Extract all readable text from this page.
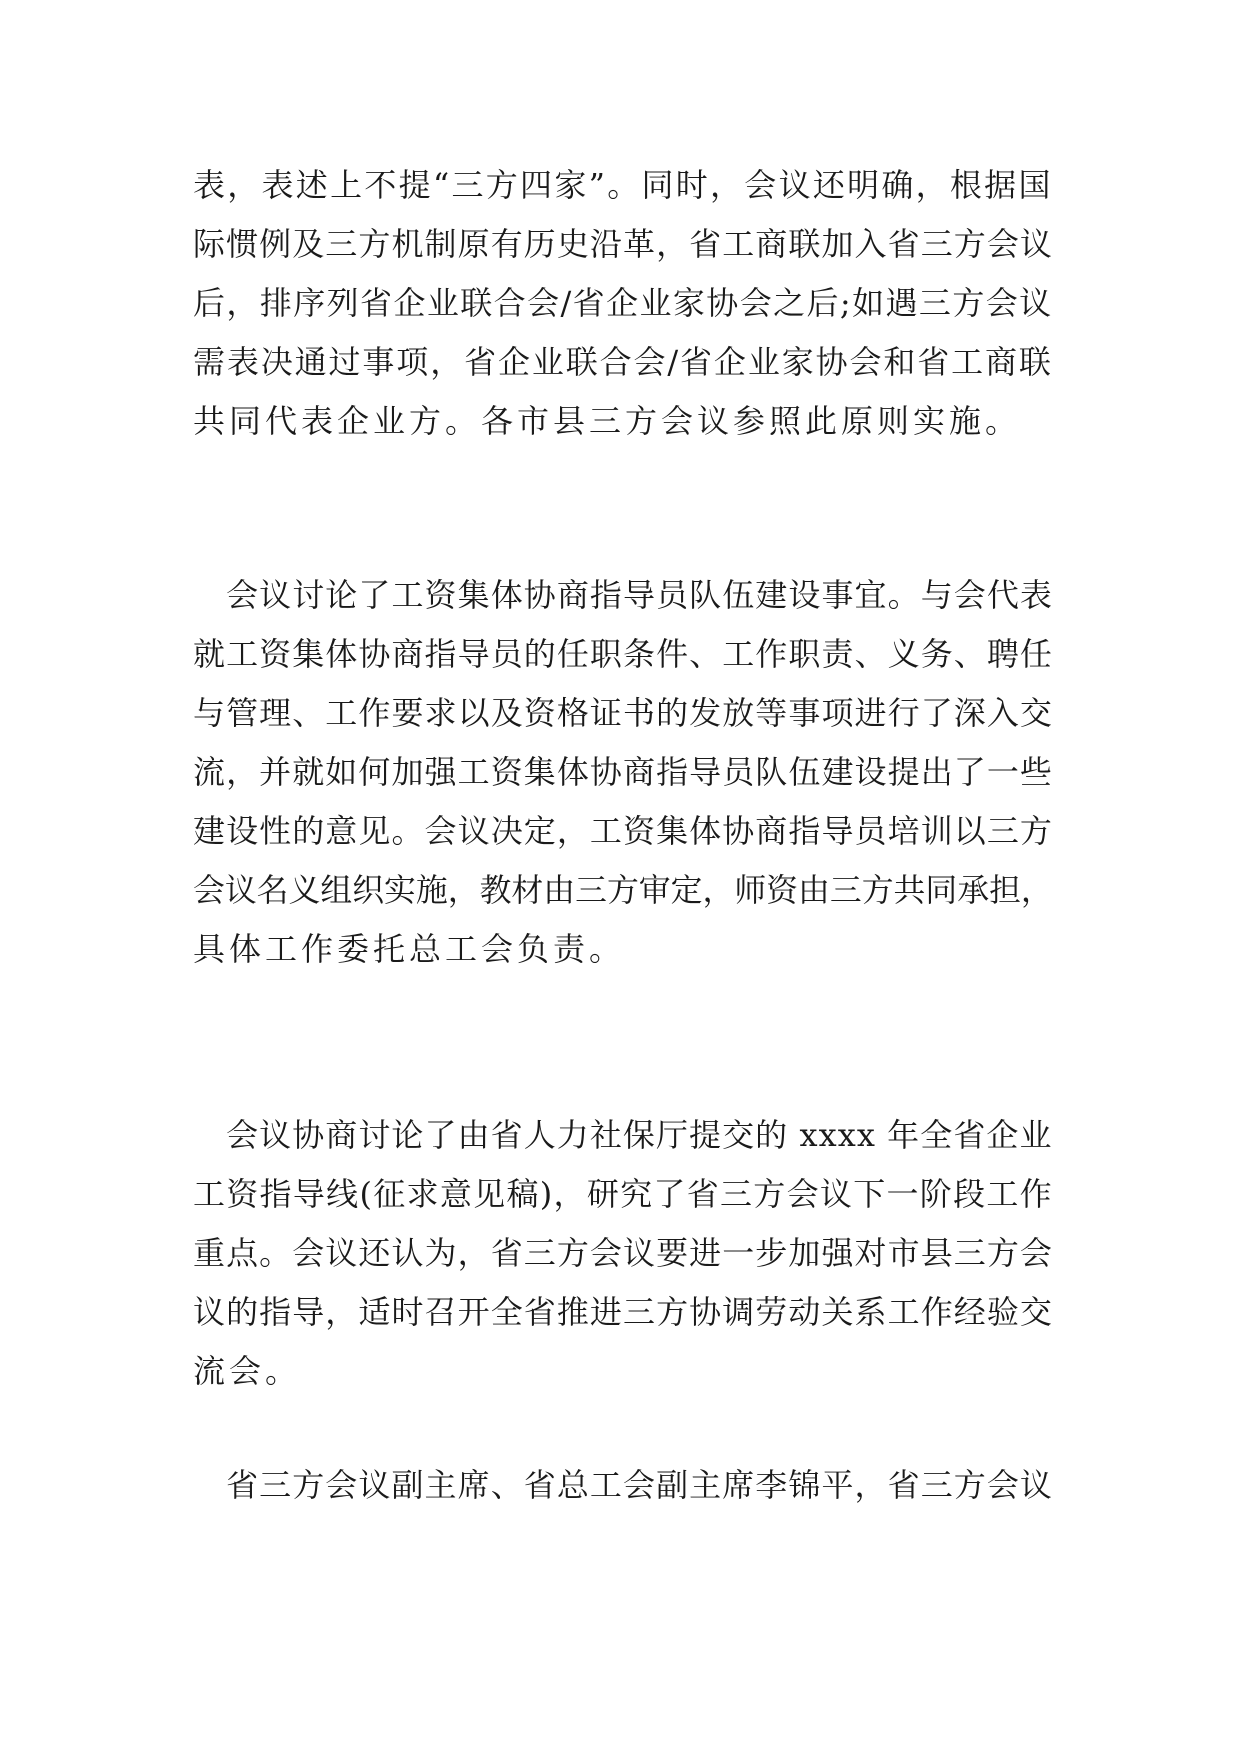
表，表述上不提“三方四家”。同时，会议还明确，根据国
际惯例及三方机制原有历史沿革，省工商联加入省三方会议
后，排序列省企业联合会/省企业家协会之后;如遇三方会议
需表决通过事项，省企业联合会/省企业家协会和省工商联
共同代表企业方。各市县三方会议参照此原则实施。
　会议讨论了工资集体协商指导员队伍建设事宜。与会代表
就工资集体协商指导员的任职条件、工作职责、义务、聘任
与管理、工作要求以及资格证书的发放等事项进行了深入交
流，并就如何加强工资集体协商指导员队伍建设提出了一些
建设性的意见。会议决定，工资集体协商指导员培训以三方
会议名义组织实施，教材由三方审定，师资由三方共同承担，
具体工作委托总工会负责。
　会议协商讨论了由省人力社保厅提交的 xxxx 年全省企业
工资指导线(征求意见稿)，研究了省三方会议下一阶段工作
重点。会议还认为，省三方会议要进一步加强对市县三方会
议的指导，适时召开全省推进三方协调劳动关系工作经验交
流会。
　省三方会议副主席、省总工会副主席李锦平，省三方会议
